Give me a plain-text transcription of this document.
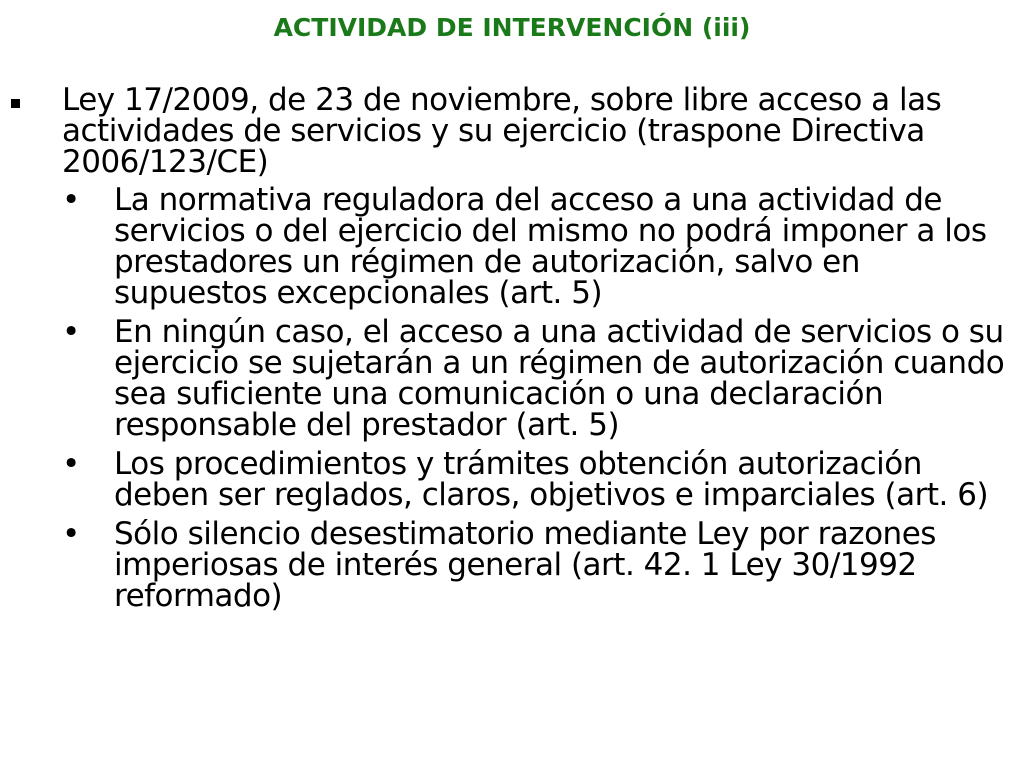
ACTIVIDAD DE INTERVENCIÓN (iii)

Ley 17/2009, de 23 de noviembre, sobre libre acceso a las actividades de servicios y su ejercicio (traspone Directiva 2006/123/CE)

• La normativa reguladora del acceso a una actividad de servicios o del ejercicio del mismo no podrá imponer a los prestadores un régimen de autorización, salvo en supuestos excepcionales (art. 5)

• En ningún caso, el acceso a una actividad de servicios o su ejercicio se sujetarán a un régimen de autorización cuando sea suficiente una comunicación o una declaración responsable del prestador (art. 5)

• Los procedimientos y trámites obtención autorización deben ser reglados, claros, objetivos e imparciales (art. 6)

• Sólo silencio desestimatorio mediante Ley por razones imperiosas de interés general (art. 42. 1 Ley 30/1992 reformado)
